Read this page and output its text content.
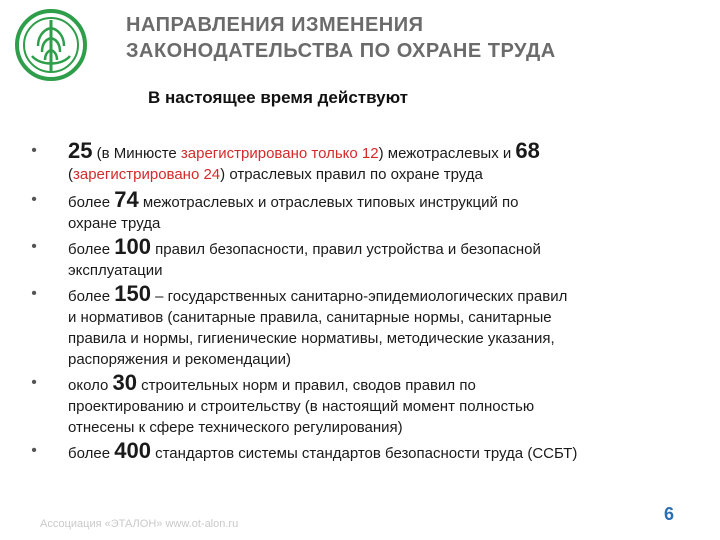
НАПРАВЛЕНИЯ ИЗМЕНЕНИЯ
ЗАКОНОДАТЕЛЬСТВА ПО ОХРАНЕ ТРУДА
В настоящее время действуют
• 25 (в Минюсте зарегистрировано только 12) межотраслевых и 68
(зарегистрировано 24) отраслевых правил по охране труда
• более 74 межотраслевых и отраслевых типовых инструкций по
охране труда
• более 100 правил безопасности, правил устройства и безопасной
эксплуатации
• более 150 – государственных санитарно-эпидемиологических правил
и нормативов (санитарные правила, санитарные нормы, санитарные
правила и нормы, гигиенические нормативы, методические указания,
распоряжения и рекомендации)
• около 30 строительных норм и правил, сводов правил по
проектированию и строительству (в настоящий момент полностью
отнесены к сфере технического регулирования)
• более 400 стандартов системы стандартов безопасности труда (ССБТ)
Ассоциация «ЭТАЛОН» www.ot-alon.ru	6
